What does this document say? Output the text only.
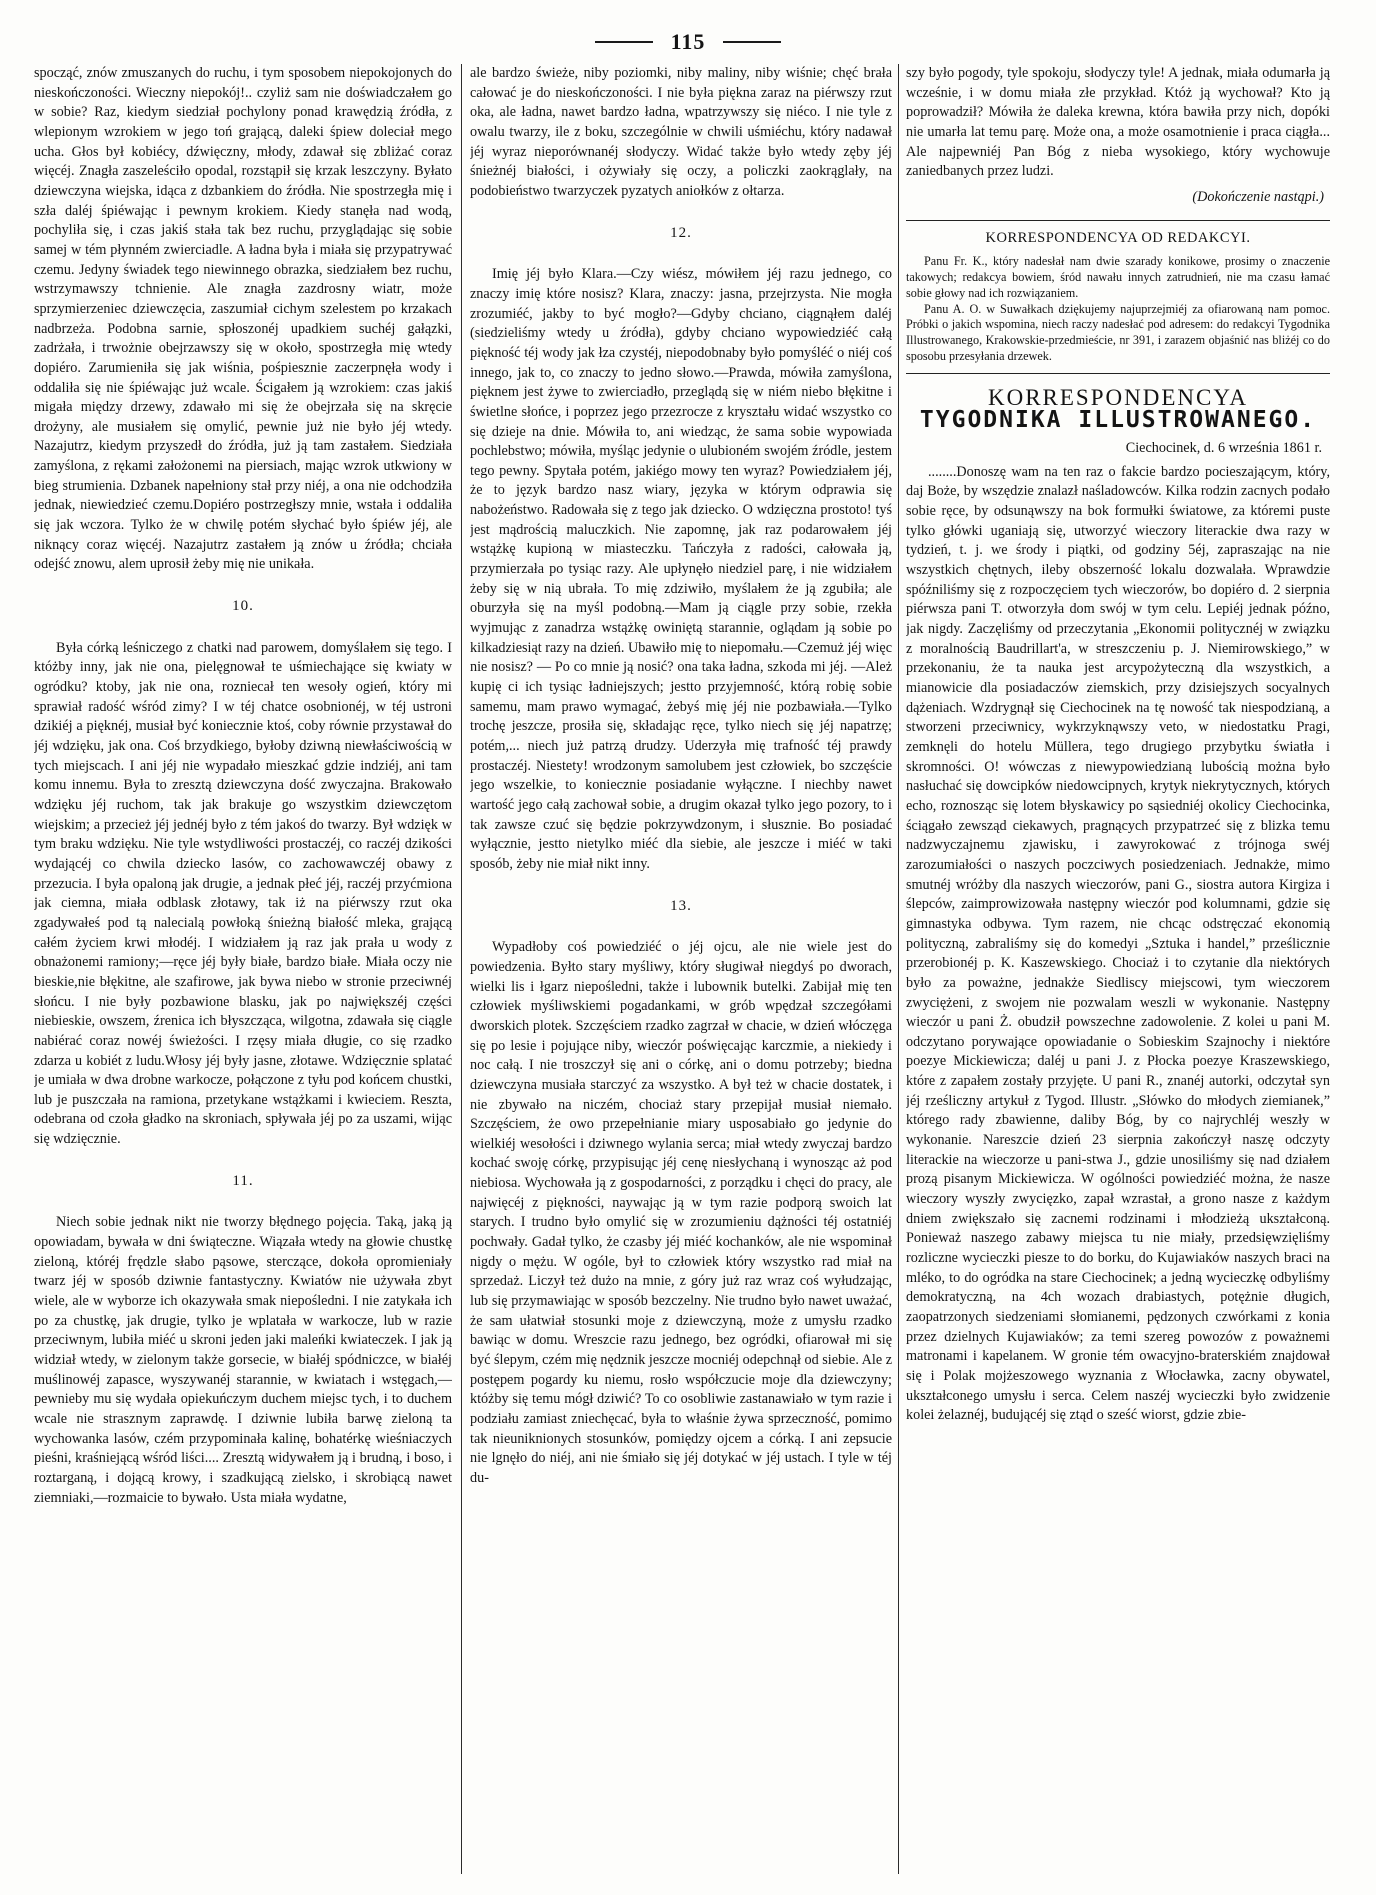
115

spocząć, znów zmuszanych do ruchu, i tym sposobem niepokojonych do nieskończoności. Wieczny niepokój!.. czyliż sam nie doświadczałem go w sobie? Raz, kiedym siedział pochylony ponad krawędzią źródła, z wlepionym wzrokiem w jego toń grającą, daleki śpiew doleciał mego ucha. Głos był kobiécy, dźwięczny, młody, zdawał się zbliżać coraz więcéj. Znagła zaszeleściło opodal, rozstąpił się krzak leszczyny. Byłato dziewczyna wiejska, idąca z dzbankiem do źródła. Nie spostrzegła mię i szła daléj śpiéwając i pewnym krokiem. Kiedy stanęła nad wodą, pochyliła się, i czas jakiś stała tak bez ruchu, przyglądając się sobie samej w tém płynném zwierciadle. A ładna była i miała się przypatrywać czemu. Jedyny świadek tego niewinnego obrazka, siedziałem bez ruchu, wstrzymawszy tchnienie. Ale znagła zazdrosny wiatr, może sprzymierzeniec dziewczęcia, zaszumiał cichym szelestem po krzakach nadbrzeża. Podobna sarnie, spłoszonéj upadkiem suchéj gałązki, zadrżała, i trwożnie obejrzawszy się w około, spostrzegła mię wtedy dopiéro. Zarumieniła się jak wiśnia, pośpiesznie zaczerpnęła wody i oddaliła się nie śpiéwając już wcale. Ścigałem ją wzrokiem: czas jakiś migała między drzewy, zdawało mi się że obejrzała się na skręcie drożyny, ale musiałem się omylić, pewnie już nie było jéj wtedy. Nazajutrz, kiedym przyszedł do źródła, już ją tam zastałem. Siedziała zamyślona, z rękami założonemi na piersiach, mając wzrok utkwiony w bieg strumienia. Dzbanek napełniony stał przy niéj, a ona nie odchodziła jednak, niewiedzieć czemu.Dopiéro postrzegłszy mnie, wstała i oddaliła się jak wczora. Tylko że w chwilę potém słychać było śpiéw jéj, ale niknący coraz więcéj. Nazajutrz zastałem ją znów u źródła; chciała odejść znowu, alem uprosił żeby mię nie unikała.

10.

Była córką leśniczego z chatki nad parowem, domyślałem się tego. I któżby inny, jak nie ona, pielęgnował te uśmiechające się kwiaty w ogródku? ktoby, jak nie ona, rozniecał ten wesoły ogień, który mi sprawiał radość wśród zimy? I w téj chatce osobnionéj, w téj ustroni dzikiéj a pięknéj, musiał być koniecznie ktoś, coby równie przystawał do jéj wdzięku, jak ona. Coś brzydkiego, byłoby dziwną niewłaściwością w tych miejscach. I ani jéj nie wypadało mieszkać gdzie indziéj, ani tam komu innemu. Była to zresztą dziewczyna dość zwyczajna. Brakowało wdzięku jéj ruchom, tak jak brakuje go wszystkim dziewczętom wiejskim; a przecież jéj jednéj było z tém jakoś do twarzy. Był wdzięk w tym braku wdzięku. Nie tyle wstydliwości prostaczéj, co raczéj dzikości wydającéj co chwila dziecko lasów, co zachowawczéj obawy z przezucia. I była opaloną jak drugie, a jednak płeć jéj, raczéj przyćmiona jak ciemna, miała odblask złotawy, tak iż na piérwszy rzut oka zgadywałeś pod tą nalecialą powłoką śnieżną białość mleka, grającą całém życiem krwi młodéj. I widziałem ją raz jak prała u wody z obnażonemi ramiony;—ręce jéj były białe, bardzo białe. Miała oczy nie bieskie,nie błękitne, ale szafirowe, jak bywa niebo w stronie przeciwnéj słońcu. I nie były pozbawione blasku, jak po największéj części niebieskie, owszem, źrenica ich błyszcząca, wilgotna, zdawała się ciągle nabiérać coraz nowéj świeżości. I rzęsy miała długie, co się rzadko zdarza u kobiét z ludu.Włosy jéj były jasne, złotawe. Wdzięcznie splatać je umiała w dwa drobne warkocze, połączone z tyłu pod końcem chustki, lub je puszczała na ramiona, przetykane wstążkami i kwieciem. Reszta, odebrana od czoła gładko na skroniach, spływała jéj po za uszami, wijąc się wdzięcznie.

11.

Niech sobie jednak nikt nie tworzy błędnego pojęcia. Taką, jaką ją opowiadam, bywała w dni świąteczne. Wiązała wtedy na głowie chustkę zieloną, któréj frędzle słabo pąsowe, sterczące, dokoła opromieniały twarz jéj w sposób dziwnie fantastyczny. Kwiatów nie używała zbyt wiele, ale w wyborze ich okazywała smak niepośledni. I nie zatykała ich po za chustkę, jak drugie, tylko je wplatała w warkocze, lub w razie przeciwnym, lubiła miéć u skroni jeden jaki maleńki kwiateczek. I jak ją widział wtedy, w zielonym także gorsecie, w białéj spódniczce, w białéj muślinowéj zapasce, wyszywanéj starannie, w kwiatach i wstęgach,—pewnieby mu się wydała opiekuńczym duchem miejsc tych, i to duchem wcale nie strasznym zaprawdę. I dziwnie lubiła barwę zieloną ta wychowanka lasów, czém przypominała kalinę, bohatérkę wieśniaczych pieśni, kraśniejącą wśród liści.... Zresztą widywałem ją i brudną, i boso, i roztarganą, i dojącą krowy, i szadkującą zielsko, i skrobiącą nawet ziemniaki,—rozmaicie to bywało. Usta miała wydatne,

ale bardzo świeże, niby poziomki, niby maliny, niby wiśnie; chęć brała całować je do nieskończoności. I nie była piękna zaraz na piérwszy rzut oka, ale ładna, nawet bardzo ładna, wpatrzywszy się niéco. I nie tyle z owalu twarzy, ile z boku, szczególnie w chwili uśmiéchu, który nadawał jéj wyraz nieporównanéj słodyczy. Widać także było wtedy zęby jéj śnieżnéj białości, i ożywiały się oczy, a policzki zaokrąglały, na podobieństwo twarzyczek pyzatych aniołków z ołtarza.

12.

Imię jéj było Klara.—Czy wiész, mówiłem jéj razu jednego, co znaczy imię które nosisz? Klara, znaczy: jasna, przejrzysta. Nie mogła zrozumiéć, jakby to być mogło?—Gdyby chciano, ciągnąłem daléj (siedzieliśmy wtedy u źródła), gdyby chciano wypowiedziéć całą piękność téj wody jak łza czystéj, niepodobnaby było pomyśléć o niéj coś innego, jak to, co znaczy to jedno słowo.—Prawda, mówiła zamyślona, pięknem jest żywe to zwierciadło, przeglądą się w niém niebo błękitne i świetlne słońce, i poprzez jego przezrocze z kryształu widać wszystko co się dzieje na dnie. Mówiła to, ani wiedząc, że sama sobie wypowiada pochlebstwo; mówiła, myśląc jedynie o ulubioném swojém źródle, jestem tego pewny. Spytała potém, jakiégo mowy ten wyraz? Powiedziałem jéj, że to język bardzo nasz wiary, języka w którym odprawia się nabożeństwo. Radowała się z tego jak dziecko. O wdzięczna prostoto! tyś jest mądrością maluczkich. Nie zapomnę, jak raz podarowałem jéj wstążkę kupioną w miasteczku. Tańczyła z radości, całowała ją, przymierzała po tysiąc razy. Ale upłynęło niedziel parę, i nie widziałem żeby się w nią ubrała. To mię zdziwiło, myślałem że ją zgubiła; ale oburzyła się na myśl podobną.—Mam ją ciągle przy sobie, rzekła wyjmując z zanadrza wstążkę owiniętą starannie, oglądam ją sobie po kilkadziesiąt razy na dzień. Ubawiło mię to niepomału.—Czemuż jéj więc nie nosisz? — Po co mnie ją nosić? ona taka ładna, szkoda mi jéj. —Ależ kupię ci ich tysiąc ładniejszych; jestto przyjemność, którą robię sobie samemu, mam prawo wymagać, żebyś mię jéj nie pozbawiała.—Tylko trochę jeszcze, prosiła się, składając ręce, tylko niech się jéj napatrzę; potém,... niech już patrzą drudzy. Uderzyła mię trafność téj prawdy prostaczéj. Niestety! wrodzonym samolubem jest człowiek, bo szczęście jego wszelkie, to koniecznie posiadanie wyłączne. I niechby nawet wartość jego całą zachował sobie, a drugim okazał tylko jego pozory, to i tak zawsze czuć się będzie pokrzywdzonym, i słusznie. Bo posiadać wyłącznie, jestto nietylko miéć dla siebie, ale jeszcze i miéć w taki sposób, żeby nie miał nikt inny.

13.

Wypadłoby coś powiedziéć o jéj ojcu, ale nie wiele jest do powiedzenia. Byłto stary myśliwy, który sługiwał niegdyś po dworach, wielki lis i łgarz niepośledni, także i lubownik butelki. Zabijał mię ten człowiek myśliwskiemi pogadankami, w grób wpędzał szczegółami dworskich plotek. Szczęściem rzadko zagrzał w chacie, w dzień włóczęga się po lesie i pojujące niby, wieczór poświęcając karczmie, a niekiedy i noc całą. I nie troszczył się ani o córkę, ani o domu potrzeby; biedna dziewczyna musiała starczyć za wszystko. A był też w chacie dostatek, i nie zbywało na niczém, chociaż stary przepijał musiał niemało. Szczęściem, że owo przepełnianie miary usposabiało go jedynie do wielkiéj wesołości i dziwnego wylania serca; miał wtedy zwyczaj bardzo kochać swoję córkę, przypisując jéj cenę niesłychaną i wynosząc aż pod niebiosa. Wychowała ją z gospodarności, z porządku i chęci do pracy, ale najwięcéj z piękności, naywając ją w tym razie podporą swoich lat starych. I trudno było omylić się w zrozumieniu dążności téj ostatniéj pochwały. Gadał tylko, że czasby jéj miéć kochanków, ale nie wspominał nigdy o mężu. W ogóle, był to człowiek który wszystko rad miał na sprzedaż. Liczył też dużo na mnie, z góry już raz wraz coś wyłudzając, lub się przymawiając w sposób bezczelny. Nie trudno było nawet uważać, że sam ułatwiał stosunki moje z dziewczyną, może z umysłu rzadko bawiąc w domu. Wreszcie razu jednego, bez ogródki, ofiarował mi się być ślepym, czém mię nędznik jeszcze mocniéj odepchnął od siebie. Ale z postępem pogardy ku niemu, rosło współczucie moje dla dziewczyny; któżby się temu mógł dziwić? To co osobliwie zastanawiało w tym razie i podziału zamiast zniechęcać, była to właśnie żywa sprzeczność, pomimo tak nieuniknionych stosunków, pomiędzy ojcem a córką. I ani zepsucie nie lgnęło do niéj, ani nie śmiało się jéj dotykać w jéj ustach. I tyle w téj du-

szy było pogody, tyle spokoju, słodyczy tyle! A jednak, miała odumarła ją wcześnie, i w domu miała złe przykład. Któż ją wychował? Kto ją poprowadził? Mówiła że daleka krewna, która bawiła przy nich, dopóki nie umarła lat temu parę. Może ona, a może osamotnienie i praca ciągła... Ale najpewniéj Pan Bóg z nieba wysokiego, który wychowuje zaniedbanych przez ludzi.

(Dokończenie nastąpi.)
KORRESPONDENCYA OD REDAKCYI.

Panu Fr. K., który nadesłał nam dwie szarady konikowe, prosimy o znaczenie takowych; redakcya bowiem, śród nawału innych zatrudnień, nie ma czasu łamać sobie głowy nad ich rozwiązaniem.

Panu A. O. w Suwałkach dziękujemy najuprzejmiéj za ofiarowaną nam pomoc. Próbki o jakich wspomina, niech raczy nadesłać pod adresem: do redakcyi Tygodnika Illustrowanego, Krakowskie-przedmieście, nr 391, i zarazem objaśnić nas bliżéj co do sposobu przesyłania drzewek.

KORRESPONDENCYA
TYGODNIKA ILLUSTROWANEGO.
Ciechocinek, d. 6 września 1861 r.

........Donoszę wam na ten raz o fakcie bardzo pocieszającym, który, daj Boże, by wszędzie znalazł naśladowców. Kilka rodzin zacnych podało sobie ręce, by odsunąwszy na bok formułki światowe, za któremi puste tylko główki uganiają się, utworzyć wieczory literackie dwa razy w tydzień, t. j. we środy i piątki, od godziny 5éj, zapraszając na nie wszystkich chętnych, ileby obszerność lokalu dozwalała. Wprawdzie spóźniliśmy się z rozpoczęciem tych wieczorów, bo dopiéro d. 2 sierpnia piérwsza pani T. otworzyła dom swój w tym celu. Lepiéj jednak późno, jak nigdy. Zaczęliśmy od przeczytania „Ekonomii politycznéj w związku z moralnością Baudrillart'a, w streszczeniu p. J. Niemirowskiego,” w przekonaniu, że ta nauka jest arcypożyteczną dla wszystkich, a mianowicie dla posiadaczów ziemskich, przy dzisiejszych socyalnych dążeniach. Wzdrygnął się Ciechocinek na tę nowość tak niespodzianą, a stworzeni przeciwnicy, wykrzyknąwszy veto, w niedostatku Pragi, zemknęli do hotelu Müllera, tego drugiego przybytku światła i skromności. O! wówczas z niewypowiedzianą lubością można było nasłuchać się dowcipków niedowcipnych, krytyk niekrytycznych, których echo, roznosząc się lotem błyskawicy po sąsiedniéj okolicy Ciechocinka, ściągało zewsząd ciekawych, pragnących przypatrzeć się z blizka temu nadzwyczajnemu zjawisku, i zawyrokować z trójnoga swéj zarozumiałości o naszych poczciwych posiedzeniach. Jednakże, mimo smutnéj wróżby dla naszych wieczorów, pani G., siostra autora Kirgiza i ślepców, zaimprowizowała następny wieczór pod kolumnami, gdzie się gimnastyka odbywa. Tym razem, nie chcąc odstręczać ekonomią polityczną, zabraliśmy się do komedyi „Sztuka i handel,” prześlicznie przerobionéj p. K. Kaszewskiego. Chociaż i to czytanie dla niektórych było za poważne, jednakże Siedliscy miejscowi, tym wieczorem zwyciężeni, z swojem nie pozwalam weszli w wykonanie. Następny wieczór u pani Ż. obudził powszechne zadowolenie. Z kolei u pani M. odczytano porywające opowiadanie o Sobieskim Szajnochy i niektóre poezye Mickiewicza; daléj u pani J. z Płocka poezye Kraszewskiego, które z zapałem zostały przyjęte. U pani R., znanéj autorki, odczytał syn jéj rześliczny artykuł z Tygod. Illustr. „Słówko do młodych ziemianek,” którego rady zbawienne, daliby Bóg, by co najrychléj weszły w wykonanie. Nareszcie dzień 23 sierpnia zakończył naszę odczyty literackie na wieczorze u pani-stwa J., gdzie unosiliśmy się nad działem prozą pisanym Mickiewicza. W ogólności powiedziéć można, że nasze wieczory wyszły zwycięzko, zapał wzrastał, a grono nasze z każdym dniem zwiększało się zacnemi rodzinami i młodzieżą ukształconą. Ponieważ naszego zabawy miejsca tu nie miały, przedsięwzięliśmy rozliczne wycieczki piesze to do borku, do Kujawiaków naszych braci na mléko, to do ogródka na stare Ciechocinek; a jedną wycieczkę odbyliśmy demokratyczną, na 4ch wozach drabiastych, potężnie długich, zaopatrzonych siedzeniami słomianemi, pędzonych czwórkami z konia przez dzielnych Kujawiaków; za temi szereg powozów z poważnemi matronami i kapelanem. W gronie tém owacyjno-braterskiém znajdował się i Polak mojżeszowego wyznania z Włocławka, zacny obywatel, ukształconego umysłu i serca. Celem naszéj wycieczki było zwidzenie kolei żelaznéj, budującéj się ztąd o sześć wiorst, gdzie zbie-
